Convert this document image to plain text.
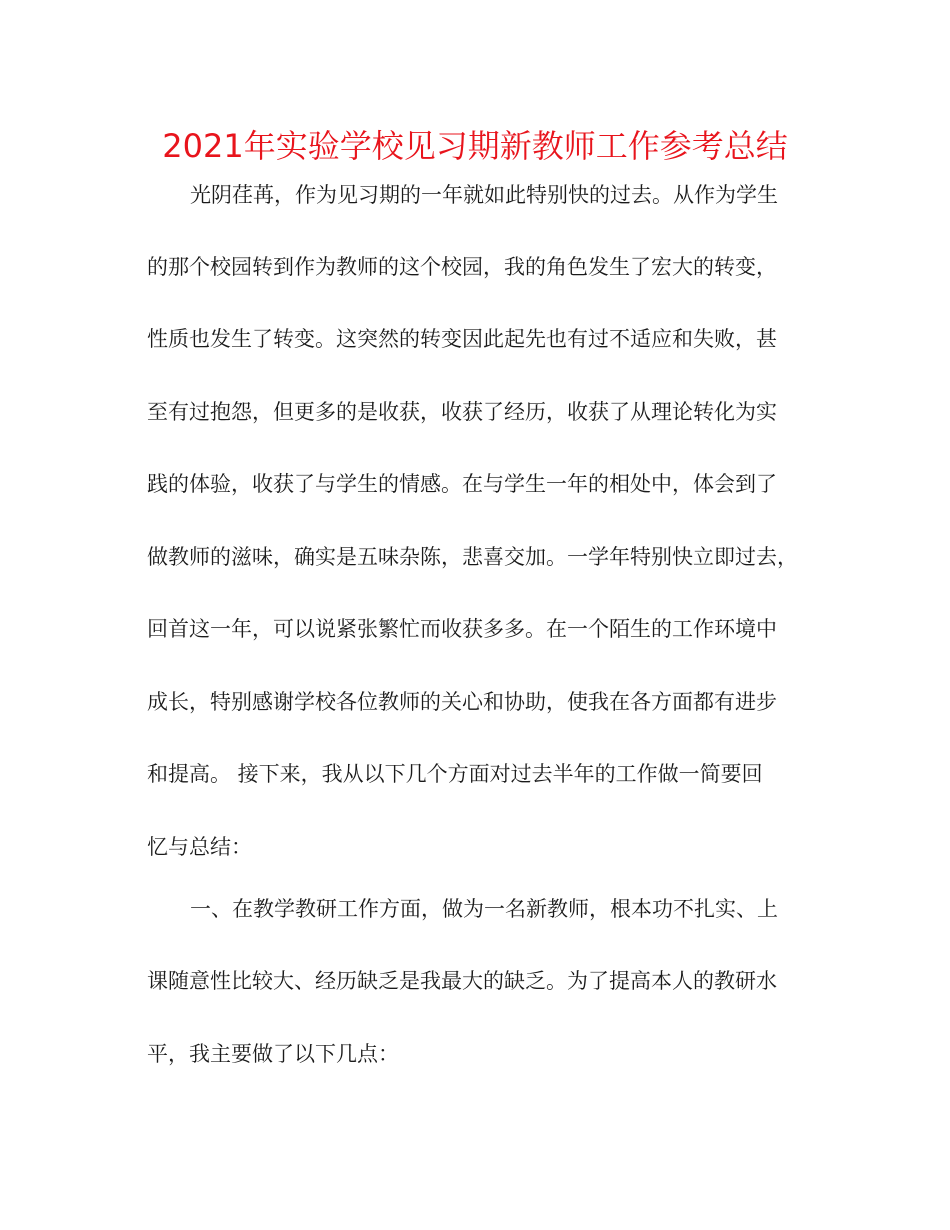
2021年实验学校见习期新教师工作参考总结
光阴荏苒，作为见习期的一年就如此特别快的过去。从作为学生
的那个校园转到作为教师的这个校园，我的角色发生了宏大的转变，
性质也发生了转变。这突然的转变因此起先也有过不适应和失败，甚
至有过抱怨，但更多的是收获，收获了经历，收获了从理论转化为实
践的体验，收获了与学生的情感。在与学生一年的相处中，体会到了
做教师的滋味，确实是五味杂陈，悲喜交加。一学年特别快立即过去，
回首这一年，可以说紧张繁忙而收获多多。在一个陌生的工作环境中
成长，特别感谢学校各位教师的关心和协助，使我在各方面都有进步
和提高。 接下来，我从以下几个方面对过去半年的工作做一简要回
忆与总结：
一、在教学教研工作方面，做为一名新教师，根本功不扎实、上
课随意性比较大、经历缺乏是我最大的缺乏。为了提高本人的教研水
平，我主要做了以下几点：
